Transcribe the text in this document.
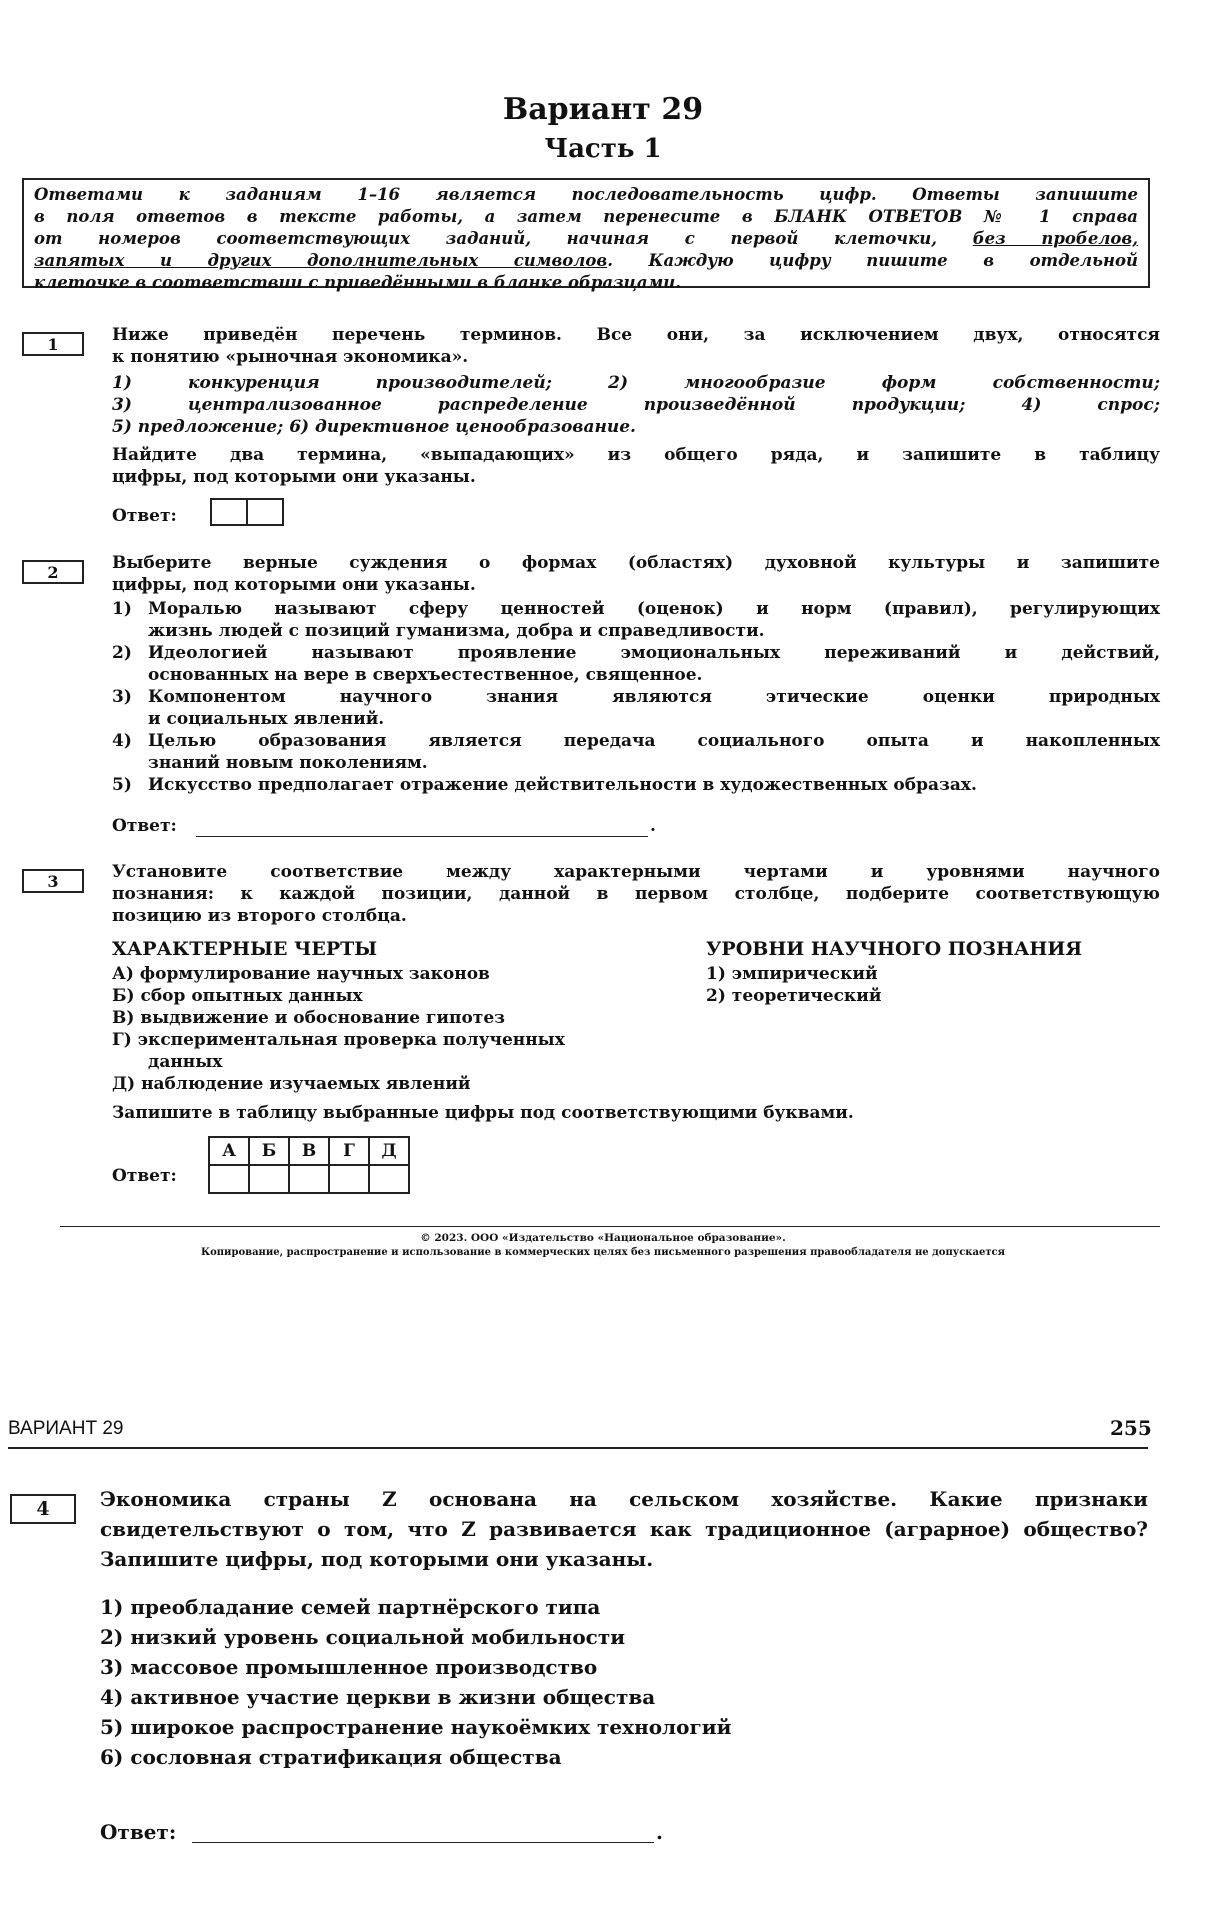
Вариант 29
Часть 1
Ответами к заданиям 1–16 является последовательность цифр. Ответы запишите
в поля ответов в тексте работы, а затем перенесите в БЛАНК ОТВЕТОВ № 1 справа
от номеров соответствующих заданий, начиная с первой клеточки, без пробелов,
запятых и других дополнительных символов. Каждую цифру пишите в отдельной
клеточке в соответствии с приведёнными в бланке образцами.
1	Ниже приведён перечень терминов. Все они, за исключением двух, относятся
к понятию «рыночная экономика».
1) конкуренция производителей; 2) многообразие форм собственности;
3) централизованное распределение произведённой продукции; 4) спрос;
5) предложение; 6) директивное ценообразование.
Найдите два термина, «выпадающих» из общего ряда, и запишите в таблицу
цифры, под которыми они указаны.
Ответ:
2	Выберите верные суждения о формах (областях) духовной культуры и запишите
цифры, под которыми они указаны.
1) Моралью называют сферу ценностей (оценок) и норм (правил), регулирующих
жизнь людей с позиций гуманизма, добра и справедливости.
2) Идеологией называют проявление эмоциональных переживаний и действий,
основанных на вере в сверхъестественное, священное.
3) Компонентом научного знания являются этические оценки природных
и социальных явлений.
4) Целью образования является передача социального опыта и накопленных
знаний новым поколениям.
5) Искусство предполагает отражение действительности в художественных образах.
Ответ:	.
3	Установите соответствие между характерными чертами и уровнями научного
познания: к каждой позиции, данной в первом столбце, подберите соответствующую
позицию из второго столбца.
ХАРАКТЕРНЫЕ ЧЕРТЫ	УРОВНИ НАУЧНОГО ПОЗНАНИЯ
А) формулирование научных законов
Б) сбор опытных данных
В) выдвижение и обоснование гипотез
Г) экспериментальная проверка полученных
данных
Д) наблюдение изучаемых явлений
1) эмпирический
2) теоретический
Запишите в таблицу выбранные цифры под соответствующими буквами.
Ответ:
А	Б	В	Г	Д

© 2023. ООО «Издательство «Национальное образование».
Копирование, распространение и использование в коммерческих целях без письменного разрешения правообладателя не допускается
ВАРИАНТ 29	255
4	Экономика страны Z основана на сельском хозяйстве. Какие признаки
свидетельствуют о том, что Z развивается как традиционное (аграрное) общество?
Запишите цифры, под которыми они указаны.
1) преобладание семей партнёрского типа
2) низкий уровень социальной мобильности
3) массовое промышленное производство
4) активное участие церкви в жизни общества
5) широкое распространение наукоёмких технологий
6) сословная стратификация общества
Ответ:	.
